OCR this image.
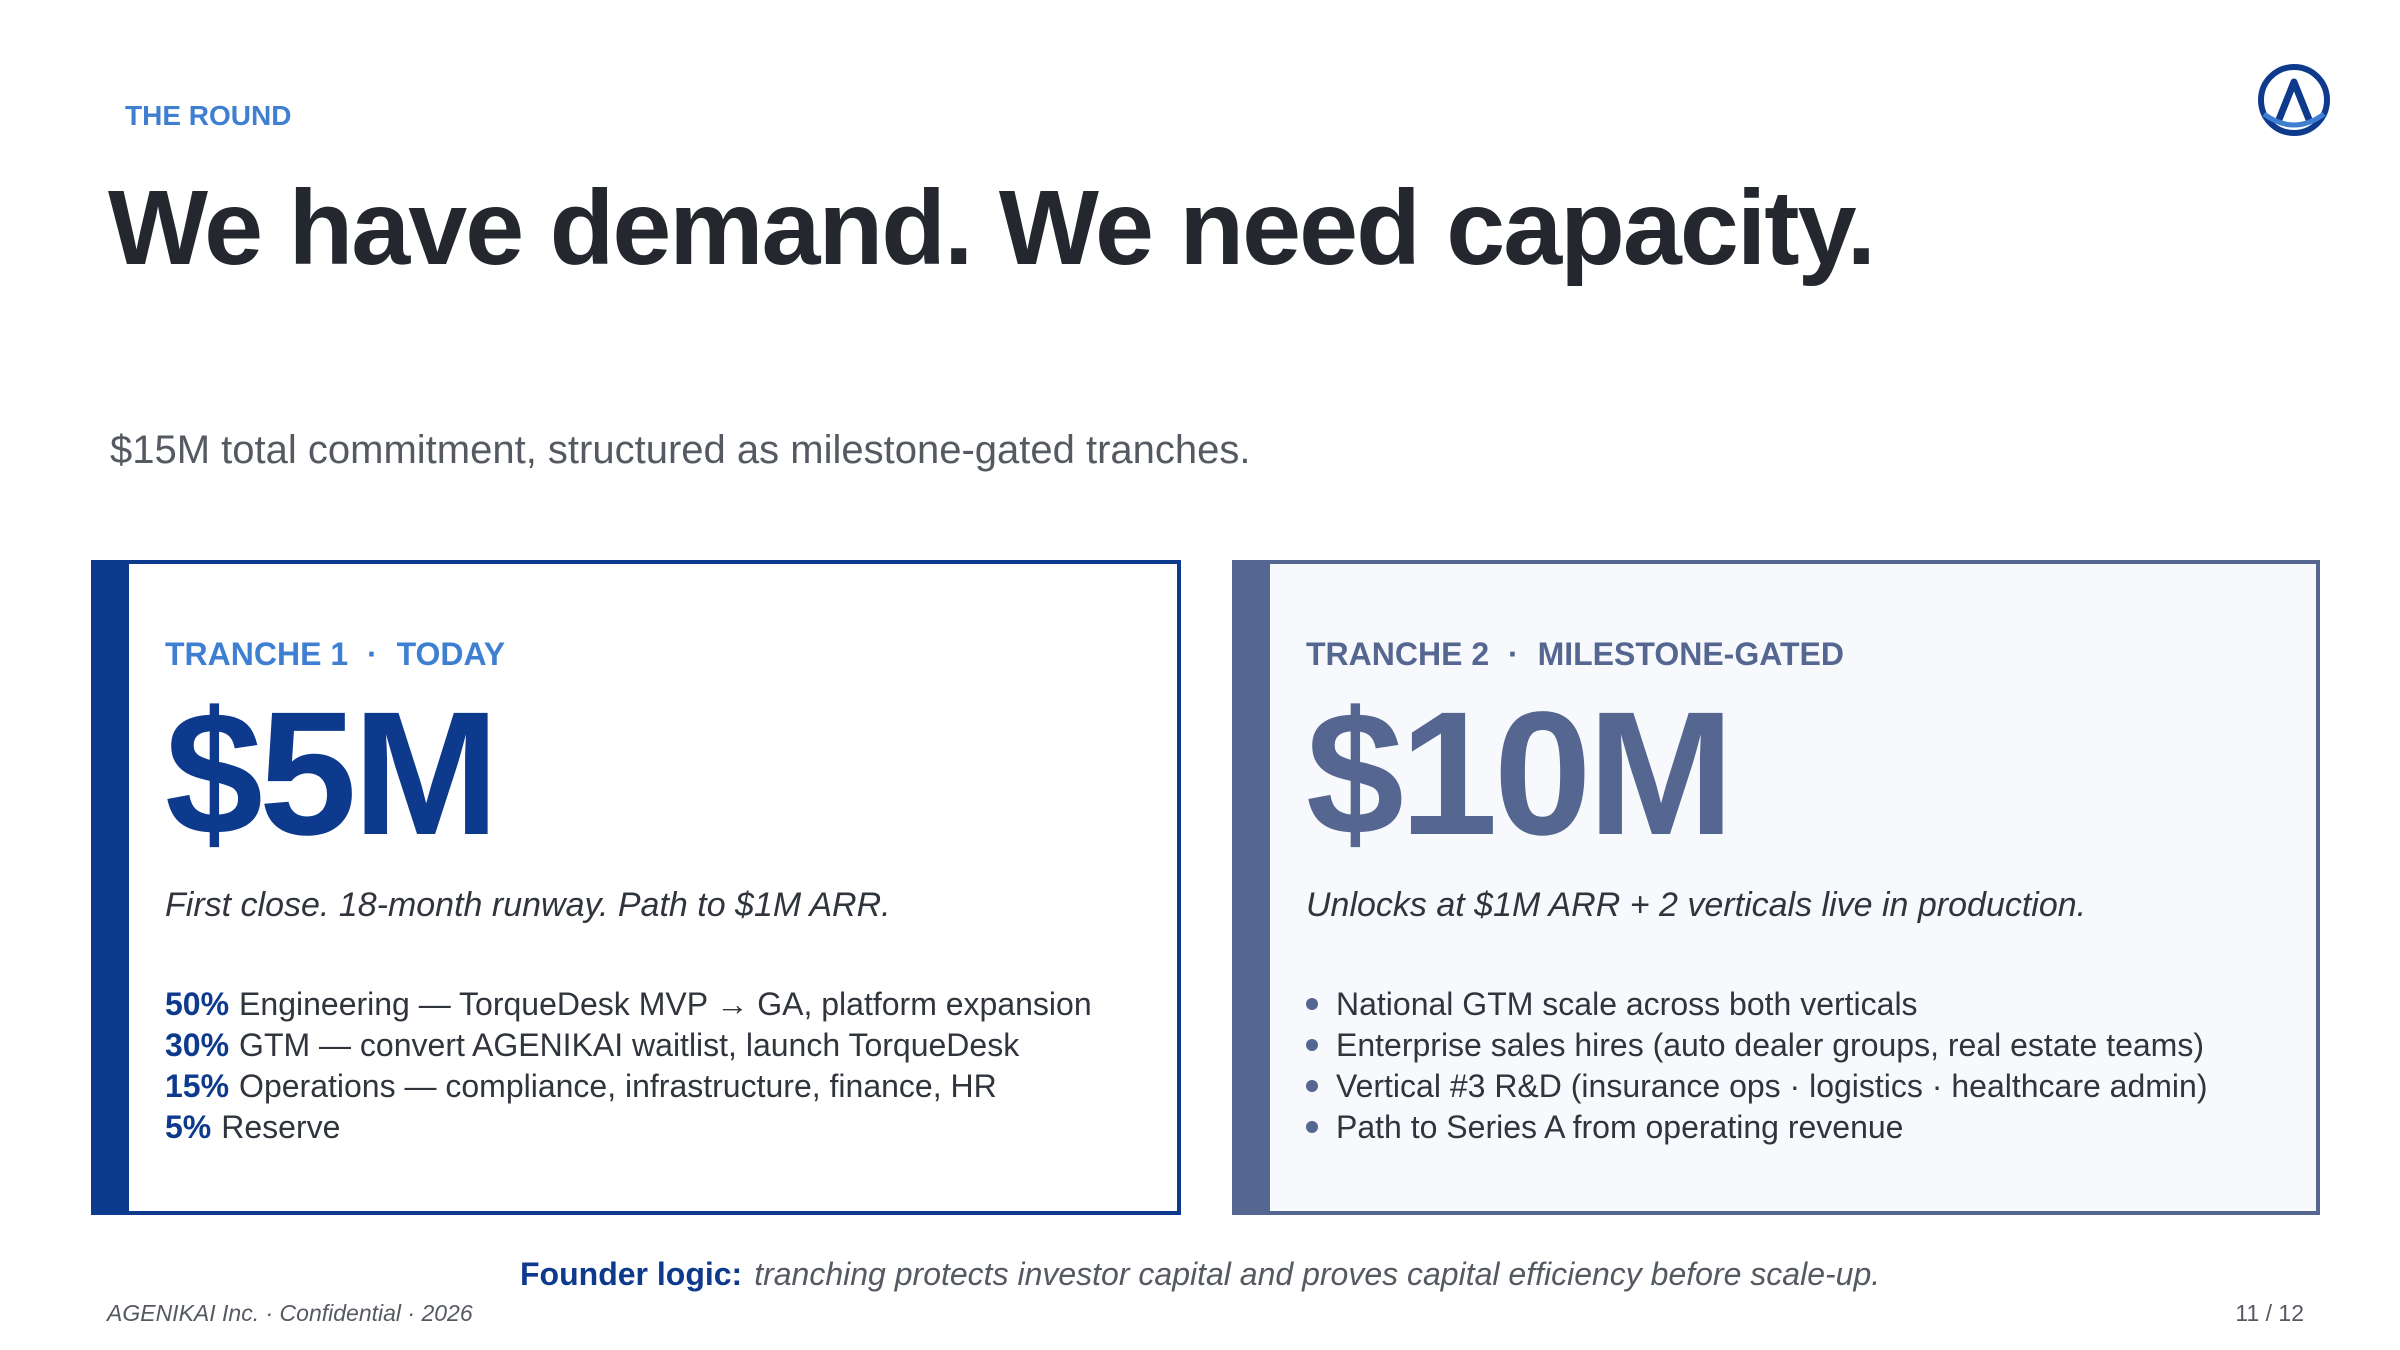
THE ROUND
We have demand. We need capacity.
$15M total commitment, structured as milestone-gated tranches.
TRANCHE 1 · TODAY
$5M
First close. 18-month runway. Path to $1M ARR.
50% Engineering — TorqueDesk MVP → GA, platform expansion
30% GTM — convert AGENIKAI waitlist, launch TorqueDesk
15% Operations — compliance, infrastructure, finance, HR
5% Reserve
TRANCHE 2 · MILESTONE-GATED
$10M
Unlocks at $1M ARR + 2 verticals live in production.
National GTM scale across both verticals
Enterprise sales hires (auto dealer groups, real estate teams)
Vertical #3 R&D (insurance ops · logistics · healthcare admin)
Path to Series A from operating revenue
Founder logic: tranching protects investor capital and proves capital efficiency before scale-up.
AGENIKAI Inc. · Confidential · 2026	11 / 12
